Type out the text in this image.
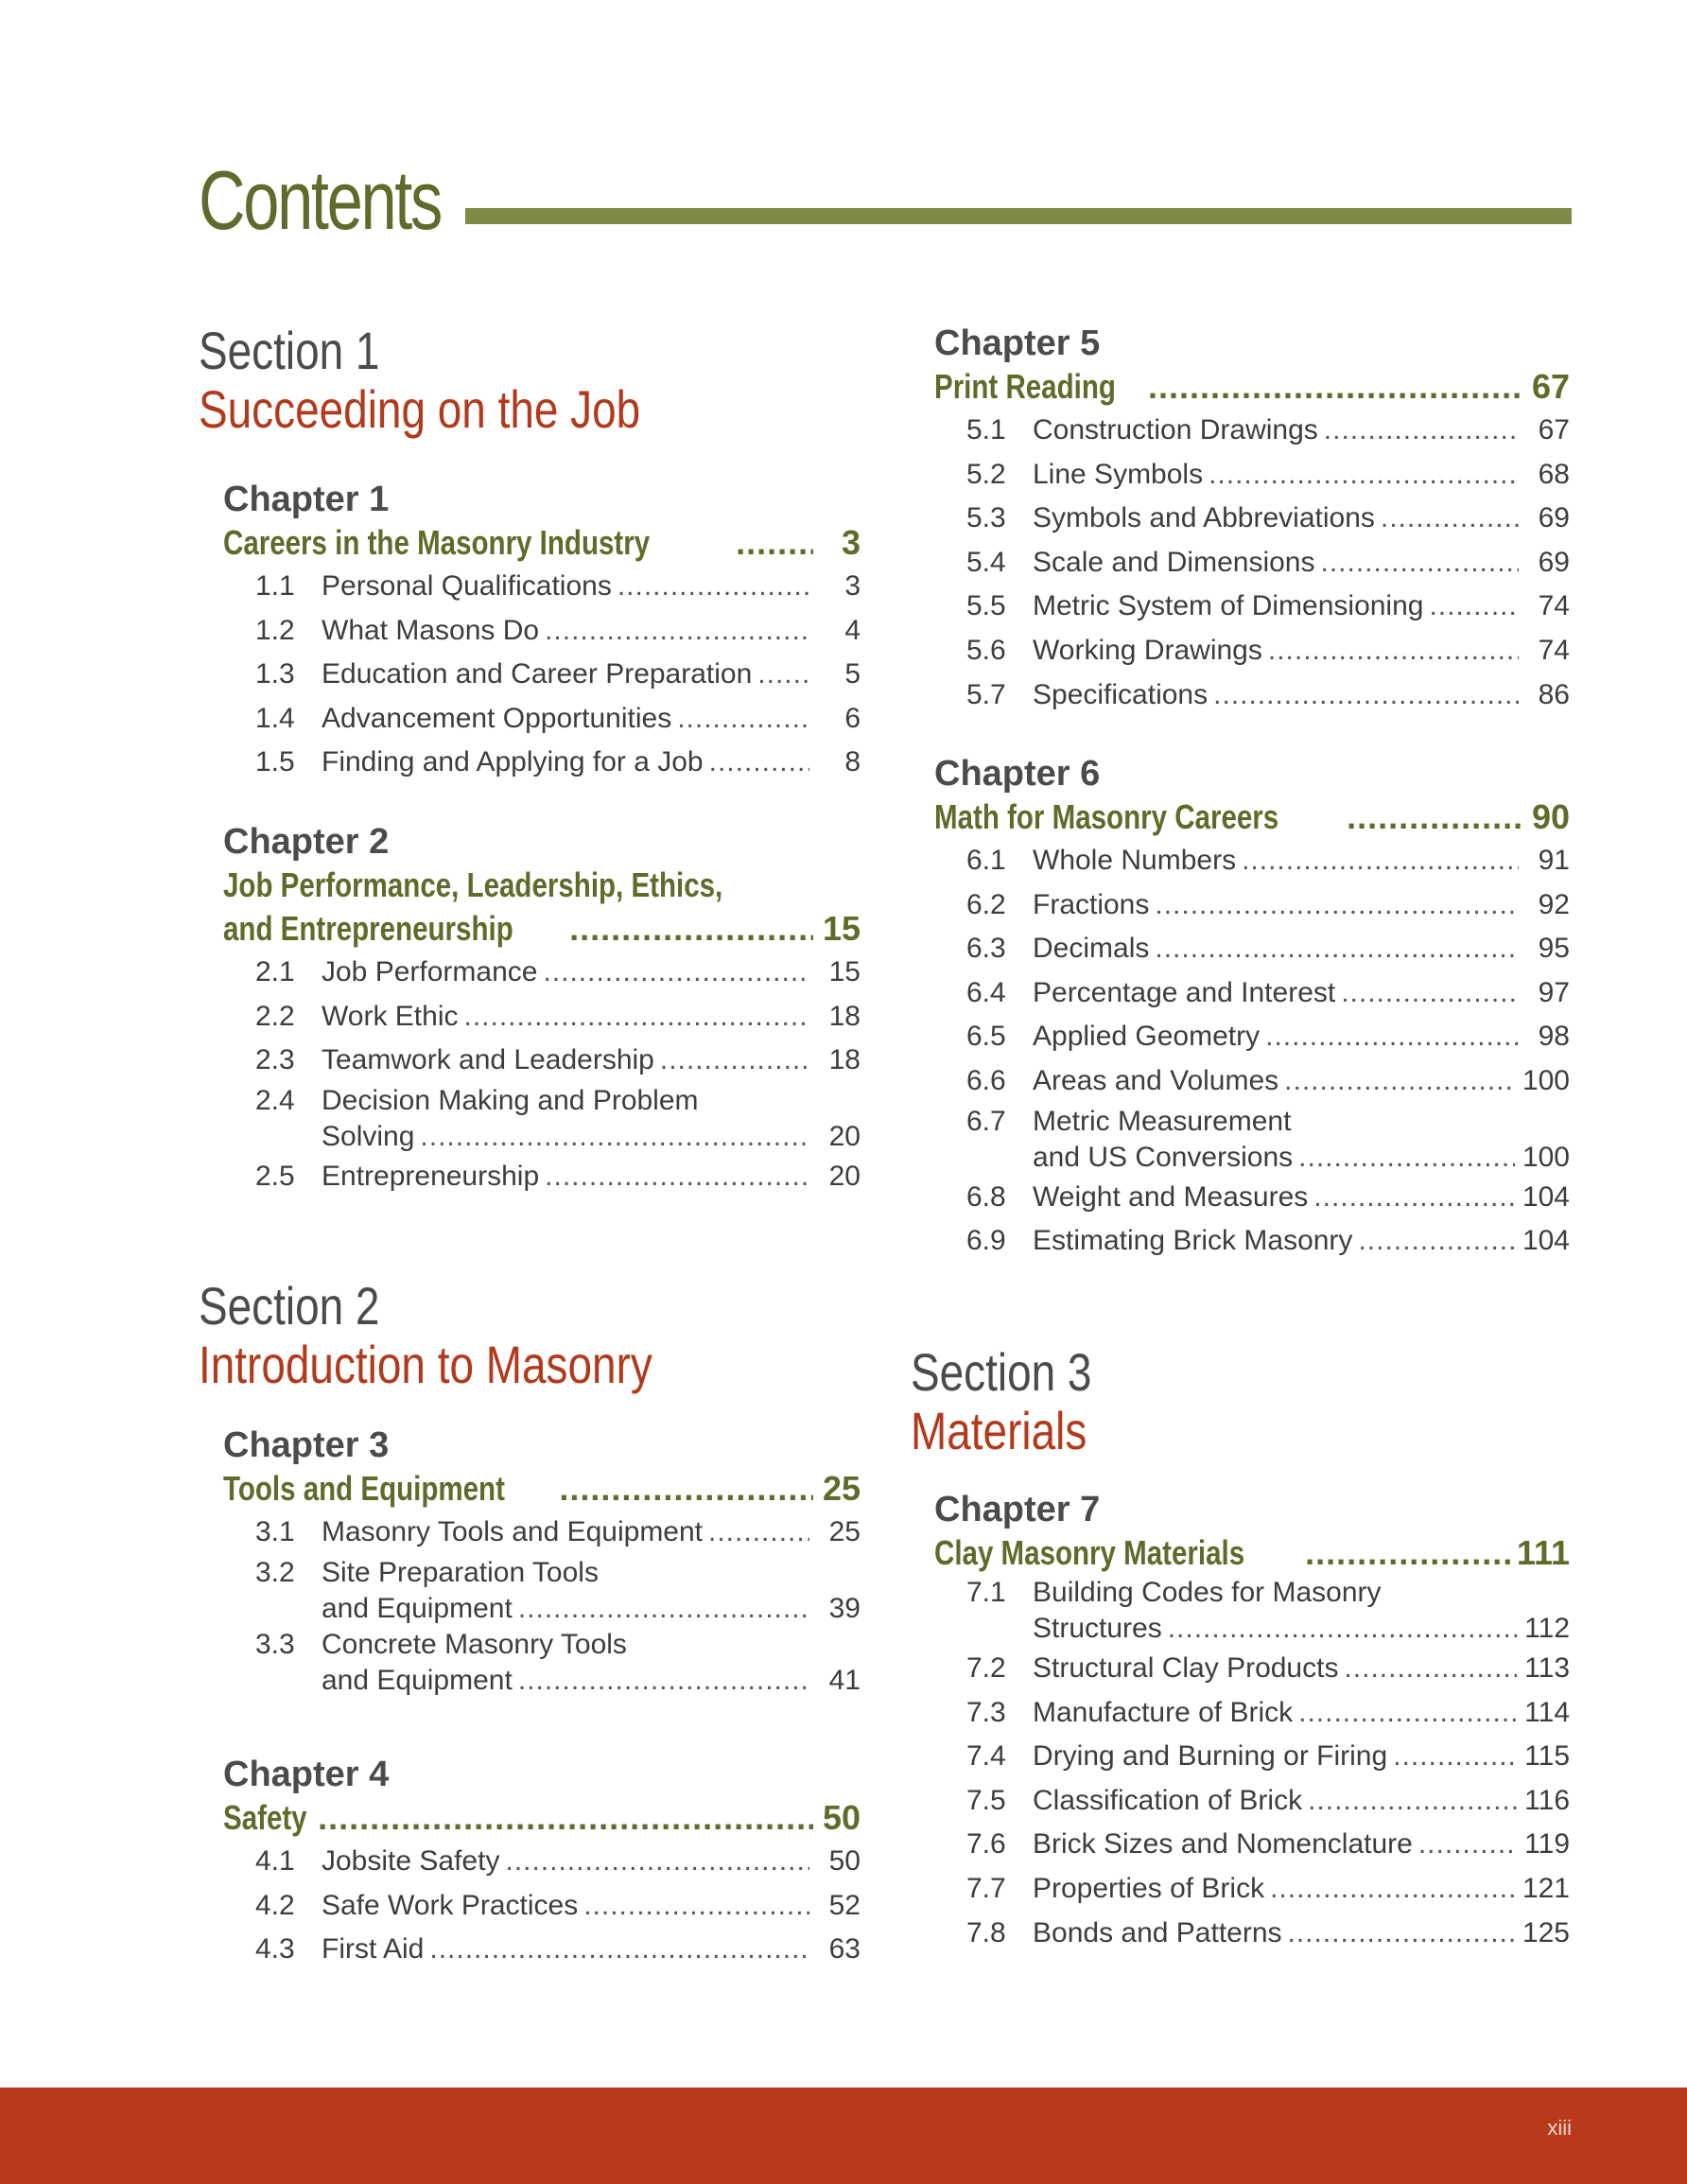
Contents
Section 1
Succeeding on the Job
Chapter 1
Careers in the Masonry Industry .....	3
1.1 Personal Qualifications .....	3
1.2 What Masons Do .....	4
1.3 Education and Career Preparation .....	5
1.4 Advancement Opportunities .....	6
1.5 Finding and Applying for a Job .....	8
Chapter 2
Job Performance, Leadership, Ethics,
and Entrepreneurship .....	15
2.1 Job Performance .....	15
2.2 Work Ethic .....	18
2.3 Teamwork and Leadership .....	18
2.4 Decision Making and Problem
Solving .....	20
2.5 Entrepreneurship .....	20
Section 2
Introduction to Masonry
Chapter 3
Tools and Equipment .....	25
3.1 Masonry Tools and Equipment .....	25
3.2 Site Preparation Tools
and Equipment .....	39
3.3 Concrete Masonry Tools
and Equipment .....	41
Chapter 4
Safety .....	50
4.1 Jobsite Safety .....	50
4.2 Safe Work Practices .....	52
4.3 First Aid .....	63
Chapter 5
Print Reading .....	67
5.1 Construction Drawings .....	67
5.2 Line Symbols .....	68
5.3 Symbols and Abbreviations .....	69
5.4 Scale and Dimensions .....	69
5.5 Metric System of Dimensioning .....	74
5.6 Working Drawings .....	74
5.7 Specifications .....	86
Chapter 6
Math for Masonry Careers .....	90
6.1 Whole Numbers .....	91
6.2 Fractions .....	92
6.3 Decimals .....	95
6.4 Percentage and Interest .....	97
6.5 Applied Geometry .....	98
6.6 Areas and Volumes .....	100
6.7 Metric Measurement
and US Conversions .....	100
6.8 Weight and Measures .....	104
6.9 Estimating Brick Masonry .....	104
Section 3
Materials
Chapter 7
Clay Masonry Materials .....	111
7.1 Building Codes for Masonry
Structures .....	112
7.2 Structural Clay Products .....	113
7.3 Manufacture of Brick .....	114
7.4 Drying and Burning or Firing .....	115
7.5 Classification of Brick .....	116
7.6 Brick Sizes and Nomenclature .....	119
7.7 Properties of Brick .....	121
7.8 Bonds and Patterns .....	125
xiii
